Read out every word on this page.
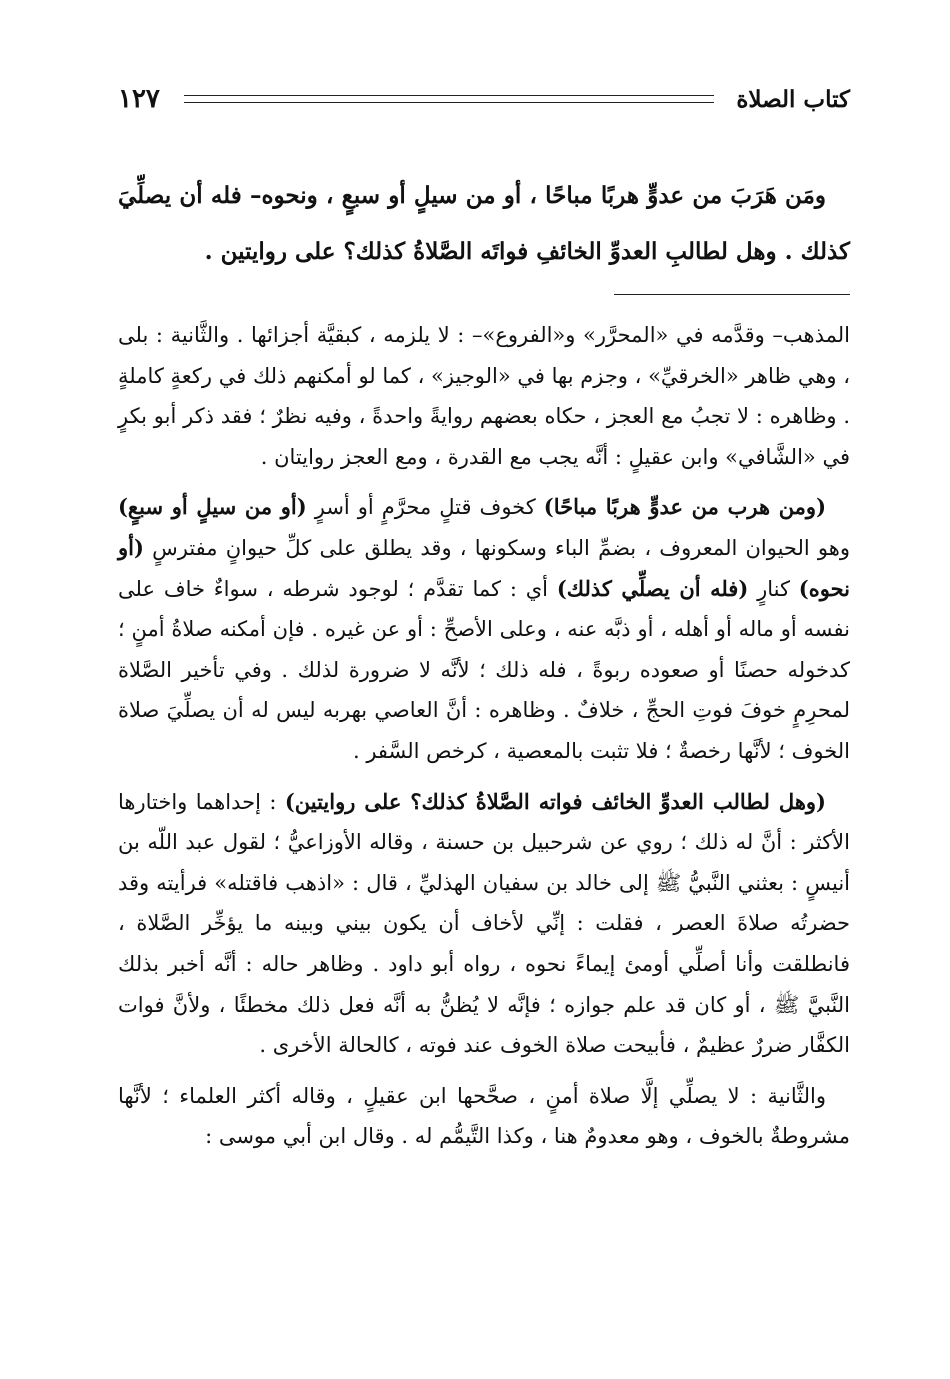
كتاب الصلاة
١٢٧

ومَن هَرَبَ من عدوٍّ هربًا مباحًا ، أو من سيلٍ أو سبعٍ ، ونحوه– فله أن يصلِّيَ كذلك . وهل لطالبِ العدوِّ الخائفِ فواتَه الصَّلاةُ كذلك؟ على روايتين .

المذهب– وقدَّمه في «المحرَّر» و«الفروع»– : لا يلزمه ، كبقيَّة أجزائها . والثَّانية : بلى ، وهي ظاهر «الخرقيِّ» ، وجزم بها في «الوجيز» ، كما لو أمكنهم ذلك في ركعةٍ كاملةٍ . وظاهره : لا تجبُ مع العجز ، حكاه بعضهم روايةً واحدةً ، وفيه نظرٌ ؛ فقد ذكر أبو بكرٍ في «الشَّافي» وابن عقيلٍ : أنَّه يجب مع القدرة ، ومع العجز روايتان .

(ومن هرب من عدوٍّ هربًا مباحًا) كخوف قتلٍ محرَّمٍ أو أسرٍ (أو من سيلٍ أو سبعٍ) وهو الحيوان المعروف ، بضمِّ الباء وسكونها ، وقد يطلق على كلِّ حيوانٍ مفترسٍ (أو نحوه) كنارٍ (فله أن يصلِّي كذلك) أي : كما تقدَّم ؛ لوجود شرطه ، سواءٌ خاف على نفسه أو ماله أو أهله ، أو ذبَّه عنه ، وعلى الأصحِّ : أو عن غيره . فإن أمكنه صلاةُ أمنٍ ؛ كدخوله حصنًا أو صعوده ربوةً ، فله ذلك ؛ لأنَّه لا ضرورة لذلك . وفي تأخير الصَّلاة لمحرِمٍ خوفَ فوتِ الحجِّ ، خلافٌ . وظاهره : أنَّ العاصي بهربه ليس له أن يصلِّيَ صلاة الخوف ؛ لأنَّها رخصةٌ ؛ فلا تثبت بالمعصية ، كرخص السَّفر .

(وهل لطالب العدوِّ الخائف فواته الصَّلاةُ كذلك؟ على روايتين) : إحداهما واختارها الأكثر : أنَّ له ذلك ؛ روي عن شرحبيل بن حسنة ، وقاله الأوزاعيُّ ؛ لقول عبد اللّه بن أنيسٍ : بعثني النَّبيُّ ﷺ إلى خالد بن سفيان الهذليِّ ، قال : «اذهب فاقتله» فرأيته وقد حضرتُه صلاةَ العصر ، فقلت : إنِّي لأخاف أن يكون بيني وبينه ما يؤخِّر الصَّلاة ، فانطلقت وأنا أصلِّي أومئ إيماءً نحوه ، رواه أبو داود . وظاهر حاله : أنَّه أخبر بذلك النَّبيَّ ﷺ ، أو كان قد علم جوازه ؛ فإنَّه لا يُظنُّ به أنَّه فعل ذلك مخطئًا ، ولأنَّ فوات الكفَّار ضررٌ عظيمٌ ، فأبيحت صلاة الخوف عند فوته ، كالحالة الأخرى .

والثَّانية : لا يصلِّي إلَّا صلاة أمنٍ ، صحَّحها ابن عقيلٍ ، وقاله أكثر العلماء ؛ لأنَّها مشروطةٌ بالخوف ، وهو معدومٌ هنا ، وكذا التَّيمُّم له . وقال ابن أبي موسى :
